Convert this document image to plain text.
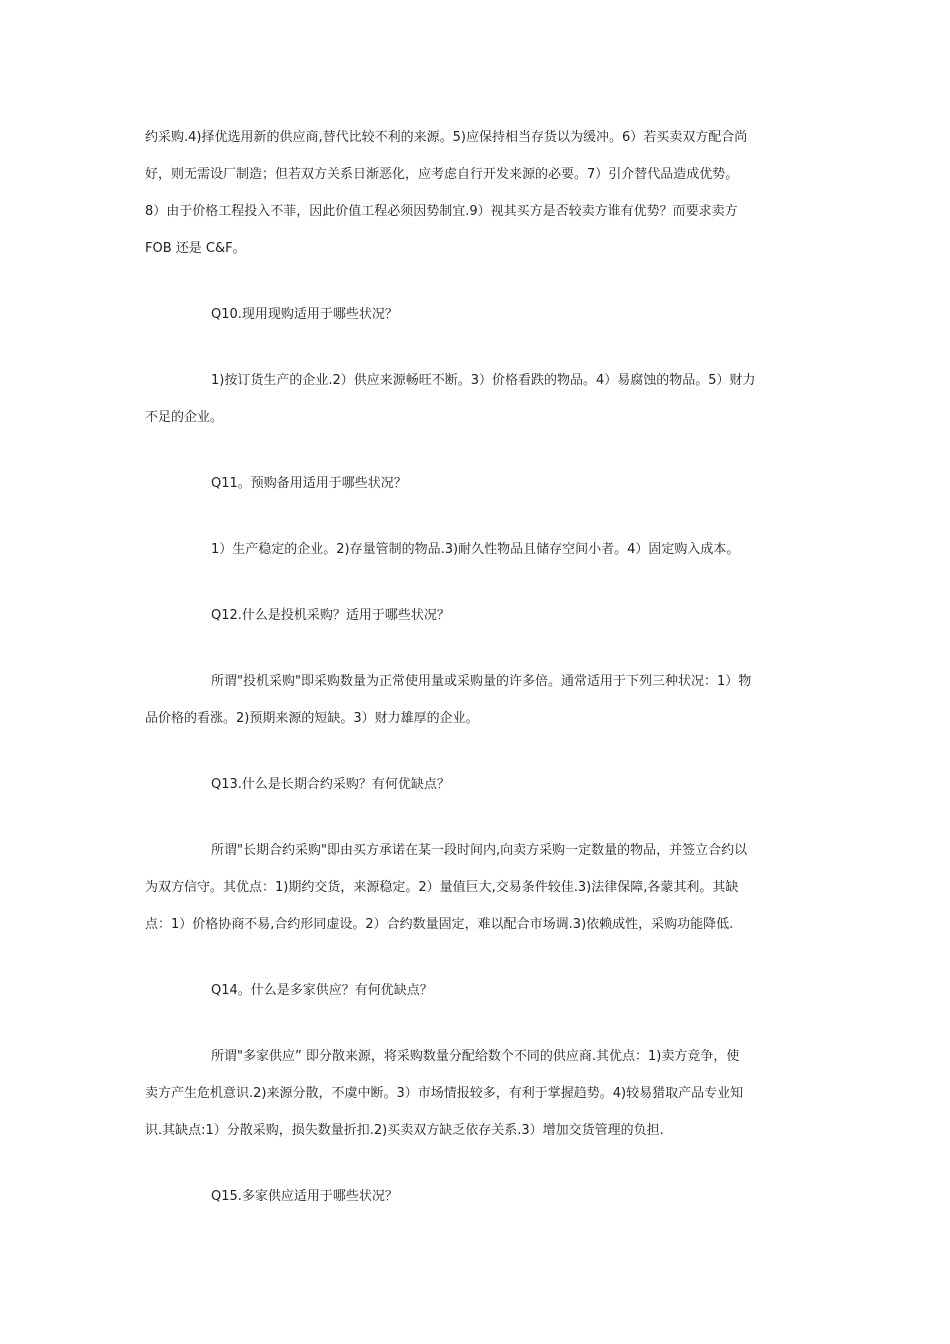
约采购.4)择优选用新的供应商,替代比较不利的来源。5)应保持相当存货以为缓冲。6）若买卖双方配合尚
好，则无需设厂制造；但若双方关系日渐恶化，应考虑自行开发来源的必要。7）引介替代品造成优势。
8）由于价格工程投入不菲，因此价值工程必须因势制宜.9）视其买方是否较卖方谁有优势？而要求卖方
FOB 还是 C&F。
Q10.现用现购适用于哪些状况？
1)按订货生产的企业.2）供应来源畅旺不断。3）价格看跌的物品。4）易腐蚀的物品。5）财力
不足的企业。
Q11。预购备用适用于哪些状况？
1）生产稳定的企业。2)存量管制的物品.3)耐久性物品且储存空间小者。4）固定购入成本。
Q12.什么是投机采购？适用于哪些状况？
所谓"投机采购"即采购数量为正常使用量或采购量的许多倍。通常适用于下列三种状况：1）物
品价格的看涨。2)预期来源的短缺。3）财力雄厚的企业。
Q13.什么是长期合约采购？有何优缺点？
所谓"长期合约采购"即由买方承诺在某一段时间内,向卖方采购一定数量的物品，并签立合约以
为双方信守。其优点：1)期约交货，来源稳定。2）量值巨大,交易条件较佳.3)法律保障,各蒙其利。其缺
点：1）价格协商不易,合约形同虚设。2）合约数量固定，难以配合市场调.3)依赖成性，采购功能降低.
Q14。什么是多家供应？有何优缺点？
所谓"多家供应” 即分散来源，将采购数量分配给数个不同的供应商.其优点：1)卖方竞争，使
卖方产生危机意识.2)来源分散，不虞中断。3）市场情报较多，有利于掌握趋势。4)较易猎取产品专业知
识.其缺点:1）分散采购，损失数量折扣.2)买卖双方缺乏依存关系.3）增加交货管理的负担.
Q15.多家供应适用于哪些状况？
